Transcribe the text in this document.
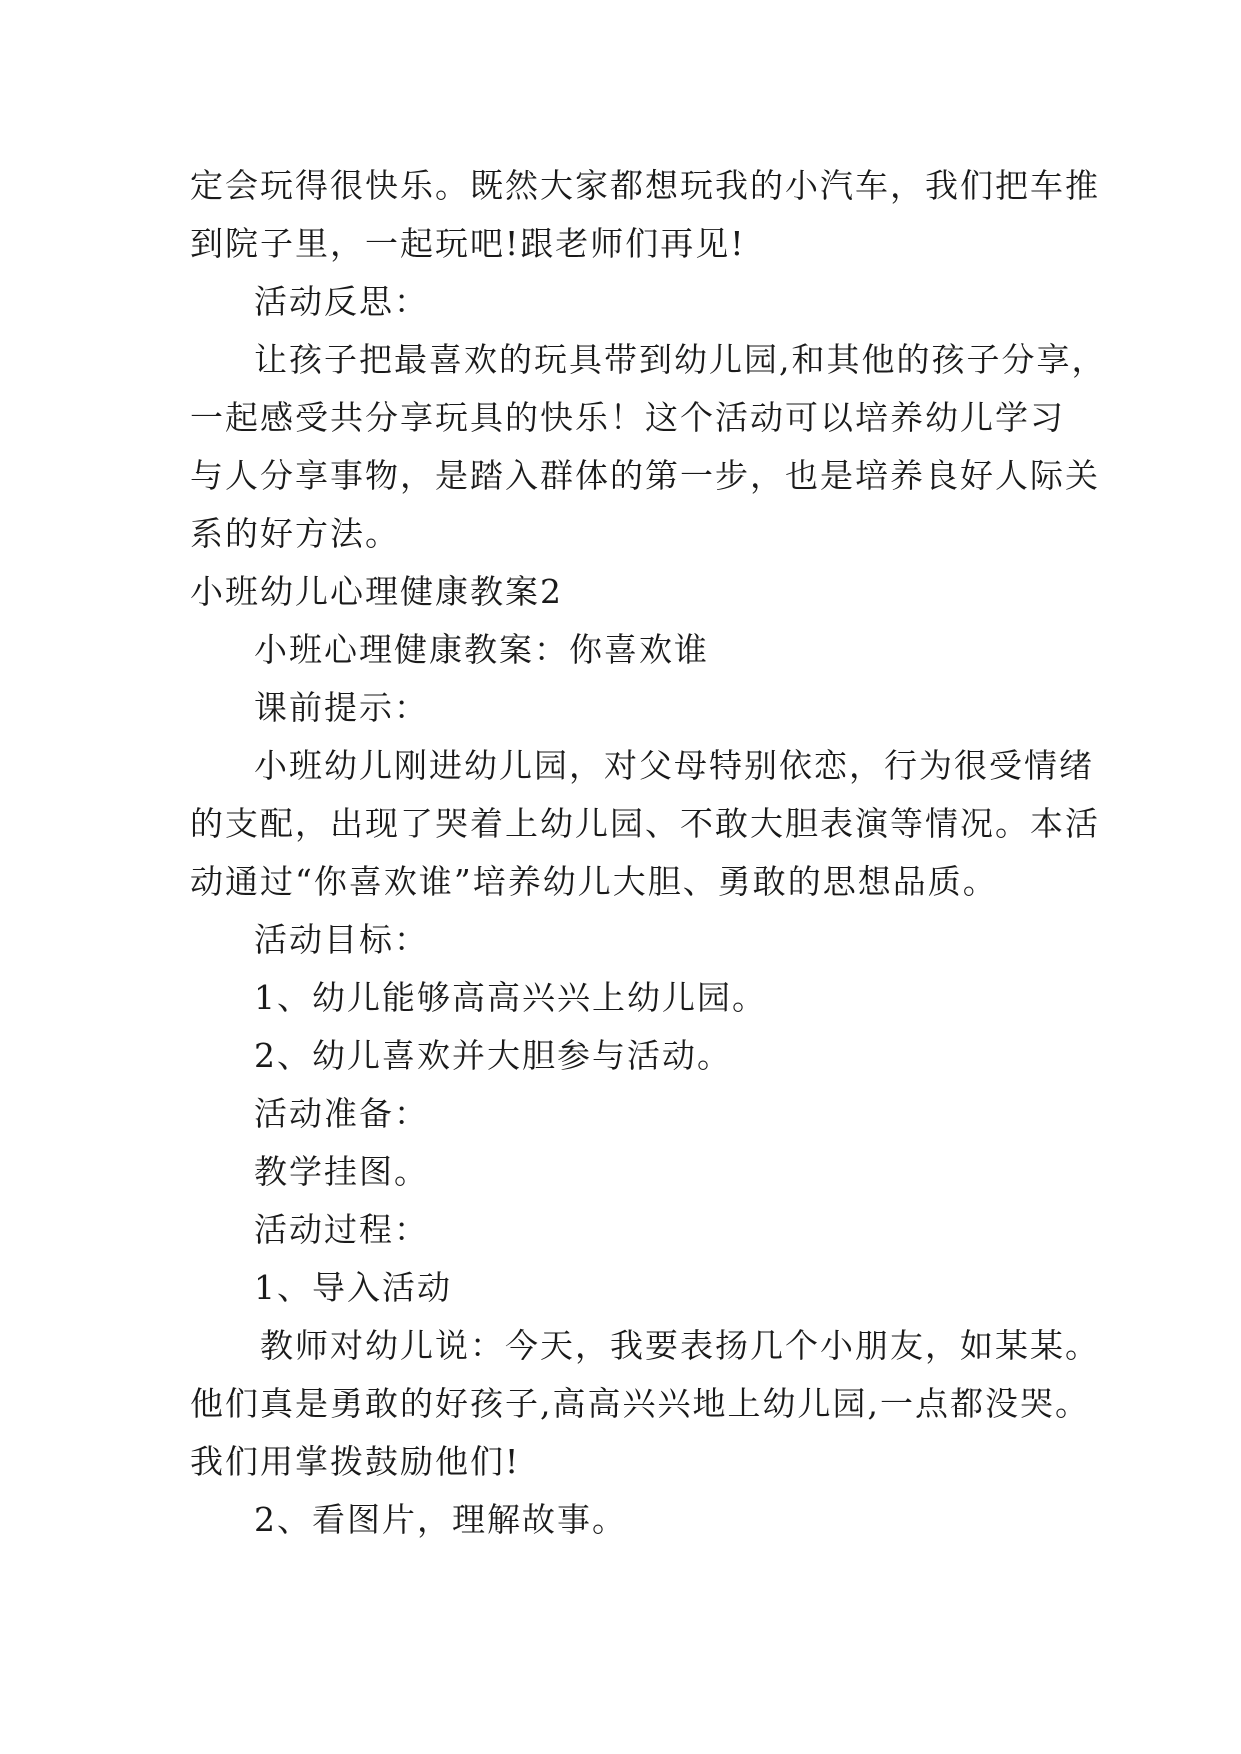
定会玩得很快乐。既然大家都想玩我的小汽车，我们把车推
到院子里，一起玩吧!跟老师们再见!
活动反思：
让孩子把最喜欢的玩具带到幼儿园,和其他的孩子分享，
一起感受共分享玩具的快乐！这个活动可以培养幼儿学习
与人分享事物，是踏入群体的第一步，也是培养良好人际关
系的好方法。
小班幼儿心理健康教案2
小班心理健康教案：你喜欢谁
课前提示：
小班幼儿刚进幼儿园，对父母特别依恋，行为很受情绪
的支配，出现了哭着上幼儿园、不敢大胆表演等情况。本活
动通过“你喜欢谁”培养幼儿大胆、勇敢的思想品质。
活动目标：
1、幼儿能够高高兴兴上幼儿园。
2、幼儿喜欢并大胆参与活动。
活动准备：
教学挂图。
活动过程：
1、导入活动
教师对幼儿说：今天，我要表扬几个小朋友，如某某。
他们真是勇敢的好孩子,高高兴兴地上幼儿园,一点都没哭。
我们用掌拨鼓励他们!
2、看图片，理解故事。
